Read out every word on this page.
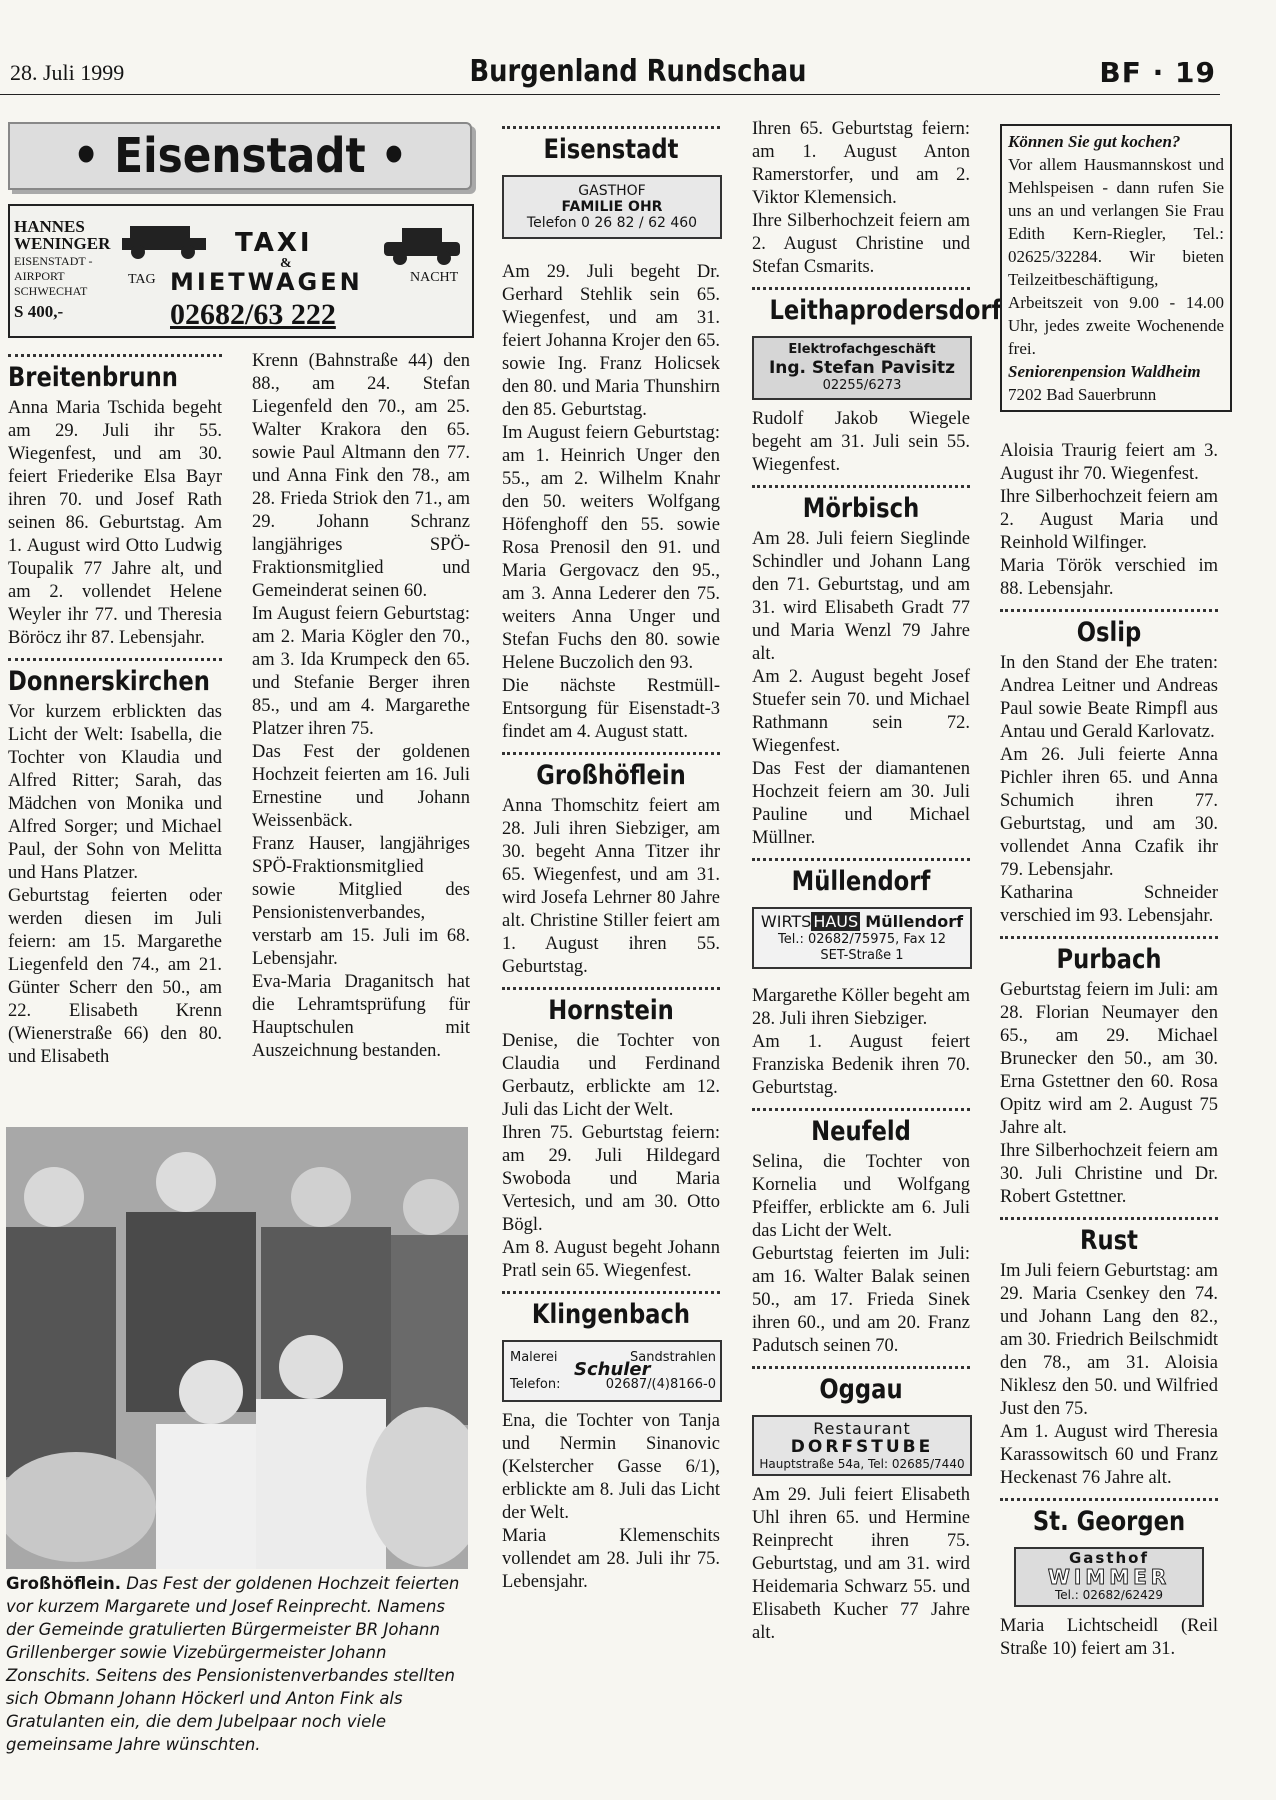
28. Juli 1999	Burgenland Rundschau	BF · 19
• Eisenstadt •
HANNES
WENINGER
EISENSTADT -
AIRPORT
SCHWECHAT
S 400,-
TAXI
&
TAG MIETWAGEN	NACHT
02682/63 222
Breitenbrunn

Anna Maria Tschida begeht am 29. Juli ihr 55. Wiegenfest, und am 30. feiert Friederike Elsa Bayr ihren 70. und Josef Rath seinen 86. Geburtstag. Am 1. August wird Otto Ludwig Toupalik 77 Jahre alt, und am 2. vollendet Helene Weyler ihr 77. und Theresia Böröcz ihr 87. Lebensjahr.

Donnerskirchen

Vor kurzem erblickten das Licht der Welt: Isabella, die Tochter von Klaudia und Alfred Ritter; Sarah, das Mädchen von Monika und Alfred Sorger; und Michael Paul, der Sohn von Melitta und Hans Platzer.

Geburtstag feierten oder werden diesen im Juli feiern: am 15. Margarethe Liegenfeld den 74., am 21. Günter Scherr den 50., am 22. Elisabeth Krenn (Wienerstraße 66) den 80. und Elisabeth

Krenn (Bahnstraße 44) den 88., am 24. Stefan Liegenfeld den 70., am 25. Walter Krakora den 65. sowie Paul Altmann den 77. und Anna Fink den 78., am 28. Frieda Striok den 71., am 29. Johann Schranz langjähriges SPÖ-Fraktionsmitglied und Gemeinderat seinen 60.

Im August feiern Geburtstag: am 2. Maria Kögler den 70., am 3. Ida Krumpeck den 65. und Stefanie Berger ihren 85., und am 4. Margarethe Platzer ihren 75.

Das Fest der goldenen Hochzeit feierten am 16. Juli Ernestine und Johann Weissenbäck.

Franz Hauser, langjähriges SPÖ-Fraktionsmitglied sowie Mitglied des Pensionistenverbandes, verstarb am 15. Juli im 68. Lebensjahr.

Eva-Maria Draganitsch hat die Lehramtsprüfung für Hauptschulen mit Auszeichnung bestanden.

Großhöflein. Das Fest der goldenen Hochzeit feierten vor kurzem Margarete und Josef Reinprecht. Namens der Gemeinde gratulierten Bürgermeister BR Johann Grillenberger sowie Vizebürgermeister Johann Zonschits. Seitens des Pensionistenverbandes stellten sich Obmann Johann Höckerl und Anton Fink als Gratulanten ein, die dem Jubelpaar noch viele gemeinsame Jahre wünschten.
Eisenstadt
GASTHOF
FAMILIE OHR
Telefon 0 26 82 / 62 460

Am 29. Juli begeht Dr. Gerhard Stehlik sein 65. Wiegenfest, und am 31. feiert Johanna Krojer den 65. sowie Ing. Franz Holicsek den 80. und Maria Thunshirn den 85. Geburtstag.

Im August feiern Geburtstag: am 1. Heinrich Unger den 55., am 2. Wilhelm Knahr den 50. weiters Wolfgang Höfenghoff den 55. sowie Rosa Prenosil den 91. und Maria Gergovacz den 95., am 3. Anna Lederer den 75. weiters Anna Unger und Stefan Fuchs den 80. sowie Helene Buczolich den 93.

Die nächste Restmüll-Entsorgung für Eisenstadt-3 findet am 4. August statt.

Großhöflein

Anna Thomschitz feiert am 28. Juli ihren Siebziger, am 30. begeht Anna Titzer ihr 65. Wiegenfest, und am 31. wird Josefa Lehrner 80 Jahre alt. Christine Stiller feiert am 1. August ihren 55. Geburtstag.

Hornstein

Denise, die Tochter von Claudia und Ferdinand Gerbautz, erblickte am 12. Juli das Licht der Welt.

Ihren 75. Geburtstag feiern: am 29. Juli Hildegard Swoboda und Maria Vertesich, und am 30. Otto Bögl.

Am 8. August begeht Johann Pratl sein 65. Wiegenfest.

Klingenbach
Malerei	Sandstrahlen
Schuler
Telefon:	02687/(4)8166-0

Ena, die Tochter von Tanja und Nermin Sinanovic (Kelstercher Gasse 6/1), erblickte am 8. Juli das Licht der Welt.

Maria Klemenschits vollendet am 28. Juli ihr 75. Lebensjahr.

Ihren 65. Geburtstag feiern: am 1. August Anton Ramerstorfer, und am 2. Viktor Klemensich.

Ihre Silberhochzeit feiern am 2. August Christine und Stefan Csmarits.

Leithaprodersdorf
Elektrofachgeschäft
Ing. Stefan Pavisitz
02255/6273

Rudolf Jakob Wiegele begeht am 31. Juli sein 55. Wiegenfest.

Mörbisch

Am 28. Juli feiern Sieglinde Schindler und Johann Lang den 71. Geburtstag, und am 31. wird Elisabeth Gradt 77 und Maria Wenzl 79 Jahre alt.

Am 2. August begeht Josef Stuefer sein 70. und Michael Rathmann sein 72. Wiegenfest.

Das Fest der diamantenen Hochzeit feiern am 30. Juli Pauline und Michael Müllner.

Müllendorf
WIRTS HAUS Müllendorf
Tel.: 02682/75975, Fax 12
SET-Straße 1

Margarethe Köller begeht am 28. Juli ihren Siebziger.

Am 1. August feiert Franziska Bedenik ihren 70. Geburtstag.

Neufeld

Selina, die Tochter von Kornelia und Wolfgang Pfeiffer, erblickte am 6. Juli das Licht der Welt.

Geburtstag feierten im Juli: am 16. Walter Balak seinen 50., am 17. Frieda Sinek ihren 60., und am 20. Franz Padutsch seinen 70.

Oggau
Restaurant
DORFSTUBE
Hauptstraße 54a, Tel: 02685/7440

Am 29. Juli feiert Elisabeth Uhl ihren 65. und Hermine Reinprecht ihren 75. Geburtstag, und am 31. wird Heidemaria Schwarz 55. und Elisabeth Kucher 77 Jahre alt.

Können Sie gut kochen?

Vor allem Hausmannskost und Mehlspeisen - dann rufen Sie uns an und verlangen Sie Frau Edith Kern-Riegler, Tel.: 02625/32284. Wir bieten Teilzeitbeschäftigung, Arbeitszeit von 9.00 - 14.00 Uhr, jedes zweite Wochenende frei.

Seniorenpension Waldheim

7202 Bad Sauerbrunn

Aloisia Traurig feiert am 3. August ihr 70. Wiegenfest.

Ihre Silberhochzeit feiern am 2. August Maria und Reinhold Wilfinger.

Maria Török verschied im 88. Lebensjahr.

Oslip

In den Stand der Ehe traten: Andrea Leitner und Andreas Paul sowie Beate Rimpfl aus Antau und Gerald Karlovatz.

Am 26. Juli feierte Anna Pichler ihren 65. und Anna Schumich ihren 77. Geburtstag, und am 30. vollendet Anna Czafik ihr 79. Lebensjahr.

Katharina Schneider verschied im 93. Lebensjahr.

Purbach

Geburtstag feiern im Juli: am 28. Florian Neumayer den 65., am 29. Michael Brunecker den 50., am 30. Erna Gstettner den 60. Rosa Opitz wird am 2. August 75 Jahre alt.

Ihre Silberhochzeit feiern am 30. Juli Christine und Dr. Robert Gstettner.

Rust

Im Juli feiern Geburtstag: am 29. Maria Csenkey den 74. und Johann Lang den 82., am 30. Friedrich Beilschmidt den 78., am 31. Aloisia Niklesz den 50. und Wilfried Just den 75.

Am 1. August wird Theresia Karassowitsch 60 und Franz Heckenast 76 Jahre alt.

St. Georgen
Gasthof
WIMMER
Tel.: 02682/62429

Maria Lichtscheidl (Reil Straße 10) feiert am 31.
